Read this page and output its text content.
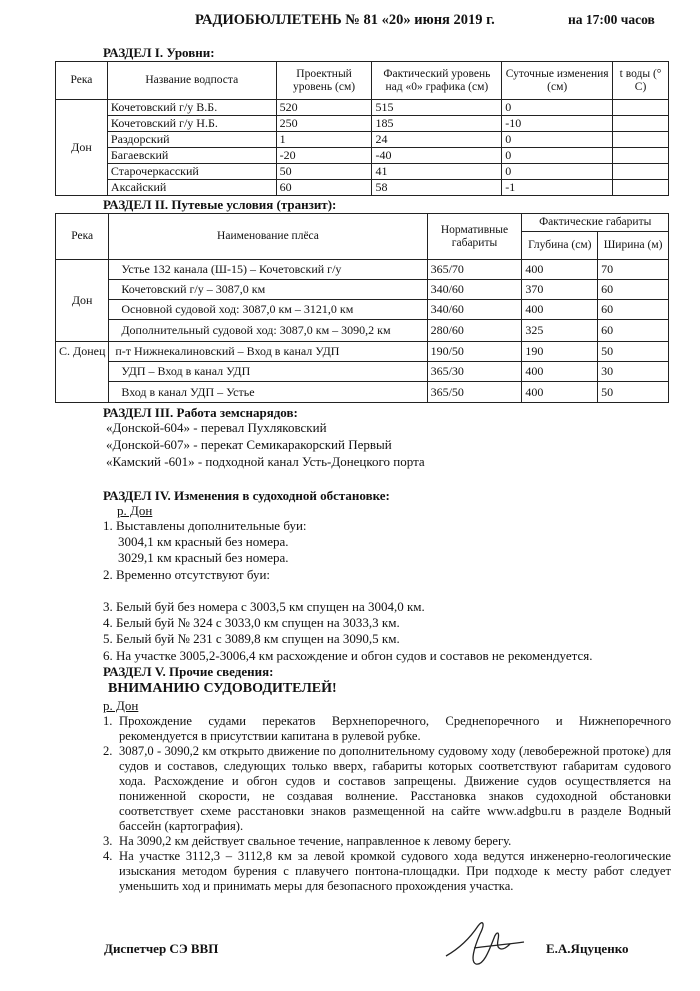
РАДИОБЮЛЛЕТЕНЬ № 81 «20» июня 2019 г.	на 17:00 часов
РАЗДЕЛ I. Уровни:
Река	Название водпоста	Проектный уровень (см)	Фактический уровень над «0» графика (см)	Суточные изменения (см)	t воды (° С)
Дон	Кочетовский г/у В.Б.	520	515	0	
	Кочетовский г/у Н.Б.	250	185	-10	
	Раздорский	1	24	0	
	Багаевский	-20	-40	0	
	Старочеркасский	50	41	0	
	Аксайский	60	58	-1	
РАЗДЕЛ II. Путевые условия (транзит):
Река	Наименование плёса	Нормативные габариты	Фактические габариты	
			Глубина (см)	Ширина (м)
Дон	Устье 132 канала (Ш-15) – Кочетовский г/у	365/70	400	70
	Кочетовский г/у – 3087,0 км	340/60	370	60
	Основной судовой ход: 3087,0 км – 3121,0 км	340/60	400	60
	Дополнительный судовой ход: 3087,0 км – 3090,2 км	280/60	325	60
С. Донец	п-т Нижнекалиновский – Вход в канал УДП	190/50	190	50
	УДП – Вход в канал УДП	365/30	400	30
	Вход в канал УДП – Устье	365/50	400	50
РАЗДЕЛ III. Работа земснарядов:
«Донской-604» - перевал Пухляковский
«Донской-607» - перекат Семикаракорский Первый
«Камский -601» - подходной канал Усть-Донецкого порта
РАЗДЕЛ IV. Изменения в судоходной обстановке:
р. Дон
1. Выставлены дополнительные буи:
3004,1 км красный без номера.
3029,1 км красный без номера.
2. Временно отсутствуют буи:
3. Белый буй без номера с 3003,5 км спущен на 3004,0 км.
4. Белый буй № 324 с 3033,0 км спущен на 3033,3 км.
5. Белый буй № 231 с 3089,8 км спущен на 3090,5 км.
6. На участке 3005,2-3006,4 км расхождение и обгон судов и составов не рекомендуется.
РАЗДЕЛ V. Прочие сведения:
ВНИМАНИЮ СУДОВОДИТЕЛЕЙ!
р. Дон
1. Прохождение судами перекатов Верхнепоречного, Среднепоречного и Нижнепоречного рекомендуется в присутствии капитана в рулевой рубке.
2. 3087,0 - 3090,2 км открыто движение по дополнительному судовому ходу (левобережной протоке) для судов и составов, следующих только вверх, габариты которых соответствуют габаритам судового хода. Расхождение и обгон судов и составов запрещены. Движение судов осуществляется на пониженной скорости, не создавая волнение. Расстановка знаков судоходной обстановки соответствует схеме расстановки знаков размещенной на сайте www.adgbu.ru в разделе Водный бассейн (картография).
3. На 3090,2 км действует свальное течение, направленное к левому берегу.
4. На участке 3112,3 – 3112,8 км за левой кромкой судового хода ведутся инженерно-геологические изыскания методом бурения с плавучего понтона-площадки. При подходе к месту работ следует уменьшить ход и принимать меры для безопасного прохождения участка.
Диспетчер СЭ ВВП	Е.А.Яцуценко
